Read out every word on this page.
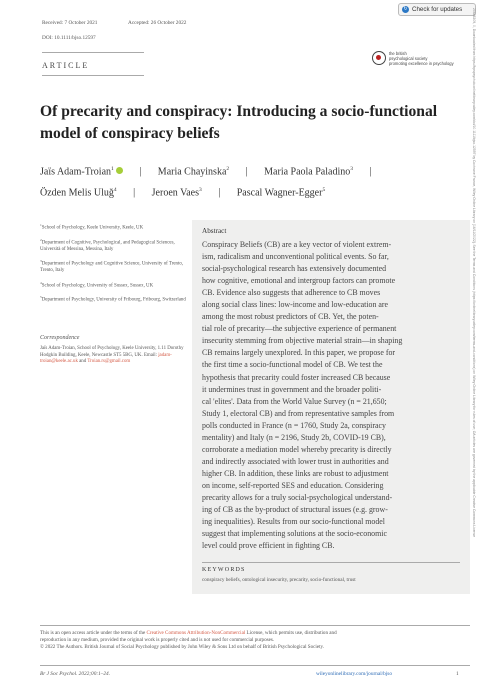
Received: 7 October 2021	Accepted: 26 October 2022
DOI: 10.1111/bjso.12597
↻ Check for updates
the british
psychological society
promoting excellence in psychology	20448309, 0, Downloaded from https://bpspsychub.onlinelibrary.wiley.com/doi/10.1111/bjso.12597 by Cochrane France, Wiley Online Library on [16/11/2022]. See the Terms and Conditions (https://onlinelibrary.wiley.com/terms-and-conditions) on Wiley Online Library for rules of use; OA articles are governed by the applicable Creative Commons License
ARTICLE
Of precarity and conspiracy: Introducing a socio-functional model of conspiracy beliefs
Jaïs Adam-Troian$^1$	| Maria Chayinska$^2$ | Maria Paola Paladino$^3$ |
Özden Melis Uluğ$^4$ | Jeroen Vaes$^3$ | Pascal Wagner-Egger$^5$

$^1$School of Psychology, Keele University, Keele, UK

$^2$Department of Cognitive, Psychological, and Pedagogical Sciences, Università of Messina, Messina, Italy

$^3$Department of Psychology and Cognitive Science, University of Trento, Trento, Italy

$^4$School of Psychology, University of Sussex, Sussex, UK

$^5$Department of Psychology, University of Fribourg, Fribourg, Switzerland

Correspondence
Jaïs Adam-Troian, School of Psychology, Keele University, 1.11 Dorothy Hodgkin Building, Keele, Newcastle ST5 5BG, UK. Email: jadam-troian@keele.ac.uk and Troian.rs@gmail.com
Abstract
Conspiracy Beliefs (CB) are a key vector of violent extrem-
ism, radicalism and unconventional political events. So far,
social-psychological research has extensively documented
how cognitive, emotional and intergroup factors can promote
CB. Evidence also suggests that adherence to CB moves
along social class lines: low-income and low-education are
among the most robust predictors of CB. Yet, the poten-
tial role of precarity—the subjective experience of permanent
insecurity stemming from objective material strain—in shaping
CB remains largely unexplored. In this paper, we propose for
the first time a socio-functional model of CB. We test the
hypothesis that precarity could foster increased CB because
it undermines trust in government and the broader politi-
cal 'elites'. Data from the World Value Survey (n = 21,650;
Study 1, electoral CB) and from representative samples from
polls conducted in France (n = 1760, Study 2a, conspiracy
mentality) and Italy (n = 2196, Study 2b, COVID-19 CB),
corroborate a mediation model whereby precarity is directly
and indirectly associated with lower trust in authorities and
higher CB. In addition, these links are robust to adjustment
on income, self-reported SES and education. Considering
precarity allows for a truly social-psychological understand-
ing of CB as the by-product of structural issues (e.g. grow-
ing inequalities). Results from our socio-functional model
suggest that implementing solutions at the socio-economic
level could prove efficient in fighting CB.
KEYWORDS
conspiracy beliefs, ontological insecurity, precarity, socio-functional, trust
This is an open access article under the terms of the Creative Commons Attribution-NonCommercial License, which permits use, distribution and
reproduction in any medium, provided the original work is properly cited and is not used for commercial purposes.
© 2022 The Authors. British Journal of Social Psychology published by John Wiley & Sons Ltd on behalf of British Psychological Society.
Br J Soc Psychol. 2022;00:1–24.	wileyonlinelibrary.com/journal/bjso	1
